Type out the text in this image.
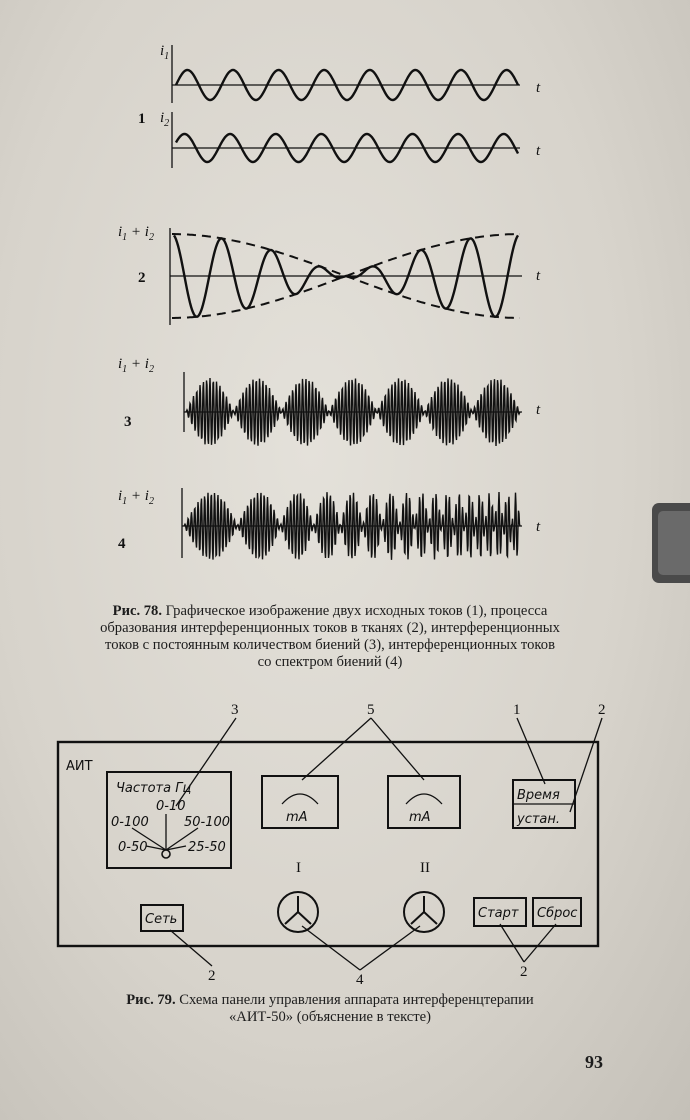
$i_1$
t
$i_2$
t
1
$i_1 + i_2$
2	t
$i_1 + i_2$
3
t
$i_1 + i_2$
4
t
Рис. 78. Графическое изображение двух исходных токов (1), процесса
образования интерференционных токов в тканях (2), интерференционных
токов с постоянным количеством биений (3), интерференционных токов
со спектром биений (4)
АИТ
Частота Гц
0-10
0-100	50-100
0-50	25-50
mA	mA
Время
устан.
I	II
Сеть	Старт Сброс
3	5	1	2
2	4	2
Рис. 79. Схема панели управления аппарата интерференцтерапии
«АИТ-50» (объяснение в тексте)
93
